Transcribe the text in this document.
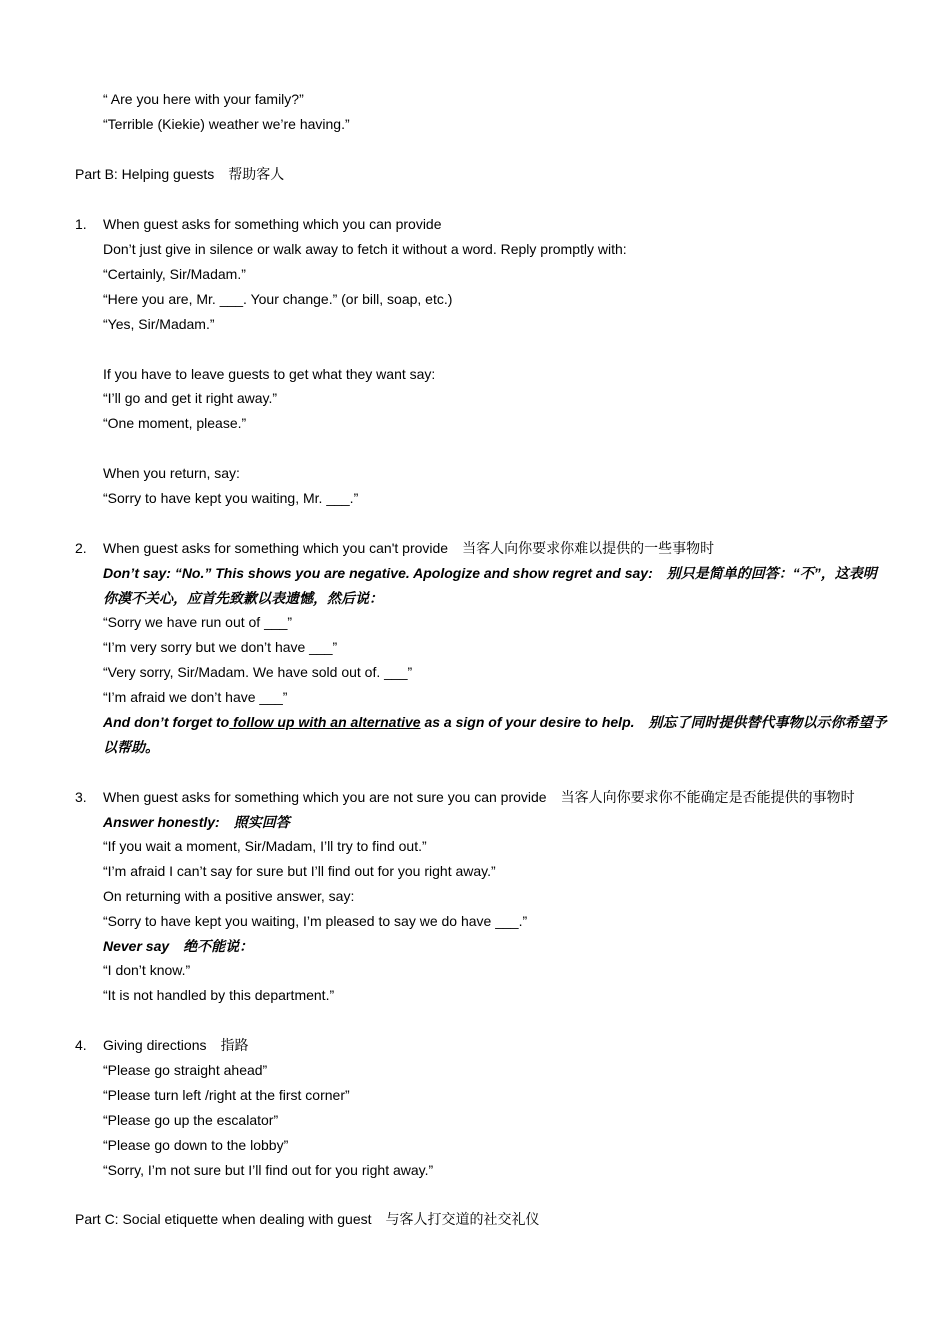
“ Are you here with your family?”
“Terrible (Kiekie) weather we’re having.”
Part B: Helping guests 帮助客人
1.	When guest asks for something which you can provide
Don’t just give in silence or walk away to fetch it without a word. Reply promptly with:
“Certainly, Sir/Madam.”
“Here you are, Mr. ___. Your change.” (or bill, soap, etc.)
“Yes, Sir/Madam.”
If you have to leave guests to get what they want say:
“I’ll go and get it right away.”
“One moment, please.”
When you return, say:
“Sorry to have kept you waiting, Mr. ___.”
2.	When guest asks for something which you can't provide 当客人向你要求你难以提供的一些事物时
Don’t say: “No.” This shows you are negative. Apologize and show regret and say: 别只是简单的回答：“不”，这表明你漠不关心，应首先致歉以表遗憾，然后说：
“Sorry we have run out of ___”
“I’m very sorry but we don’t have ___”
“Very sorry, Sir/Madam. We have sold out of. ___”
“I’m afraid we don’t have ___”
And don’t forget to follow up with an alternative as a sign of your desire to help. 别忘了同时提供替代事物以示你希望予以帮助。
3.	When guest asks for something which you are not sure you can provide 当客人向你要求你不能确定是否能提供的事物时
Answer honestly: 照实回答
“If you wait a moment, Sir/Madam, I’ll try to find out.”
“I’m afraid I can’t say for sure but I’ll find out for you right away.”
On returning with a positive answer, say:
“Sorry to have kept you waiting, I’m pleased to say we do have ___.”
Never say 绝不能说：
“I don’t know.”
“It is not handled by this department.”
4.	Giving directions 指路
“Please go straight ahead”
“Please turn left /right at the first corner”
“Please go up the escalator”
“Please go down to the lobby”
“Sorry, I’m not sure but I’ll find out for you right away.”
Part C: Social etiquette when dealing with guest 与客人打交道的社交礼仪
